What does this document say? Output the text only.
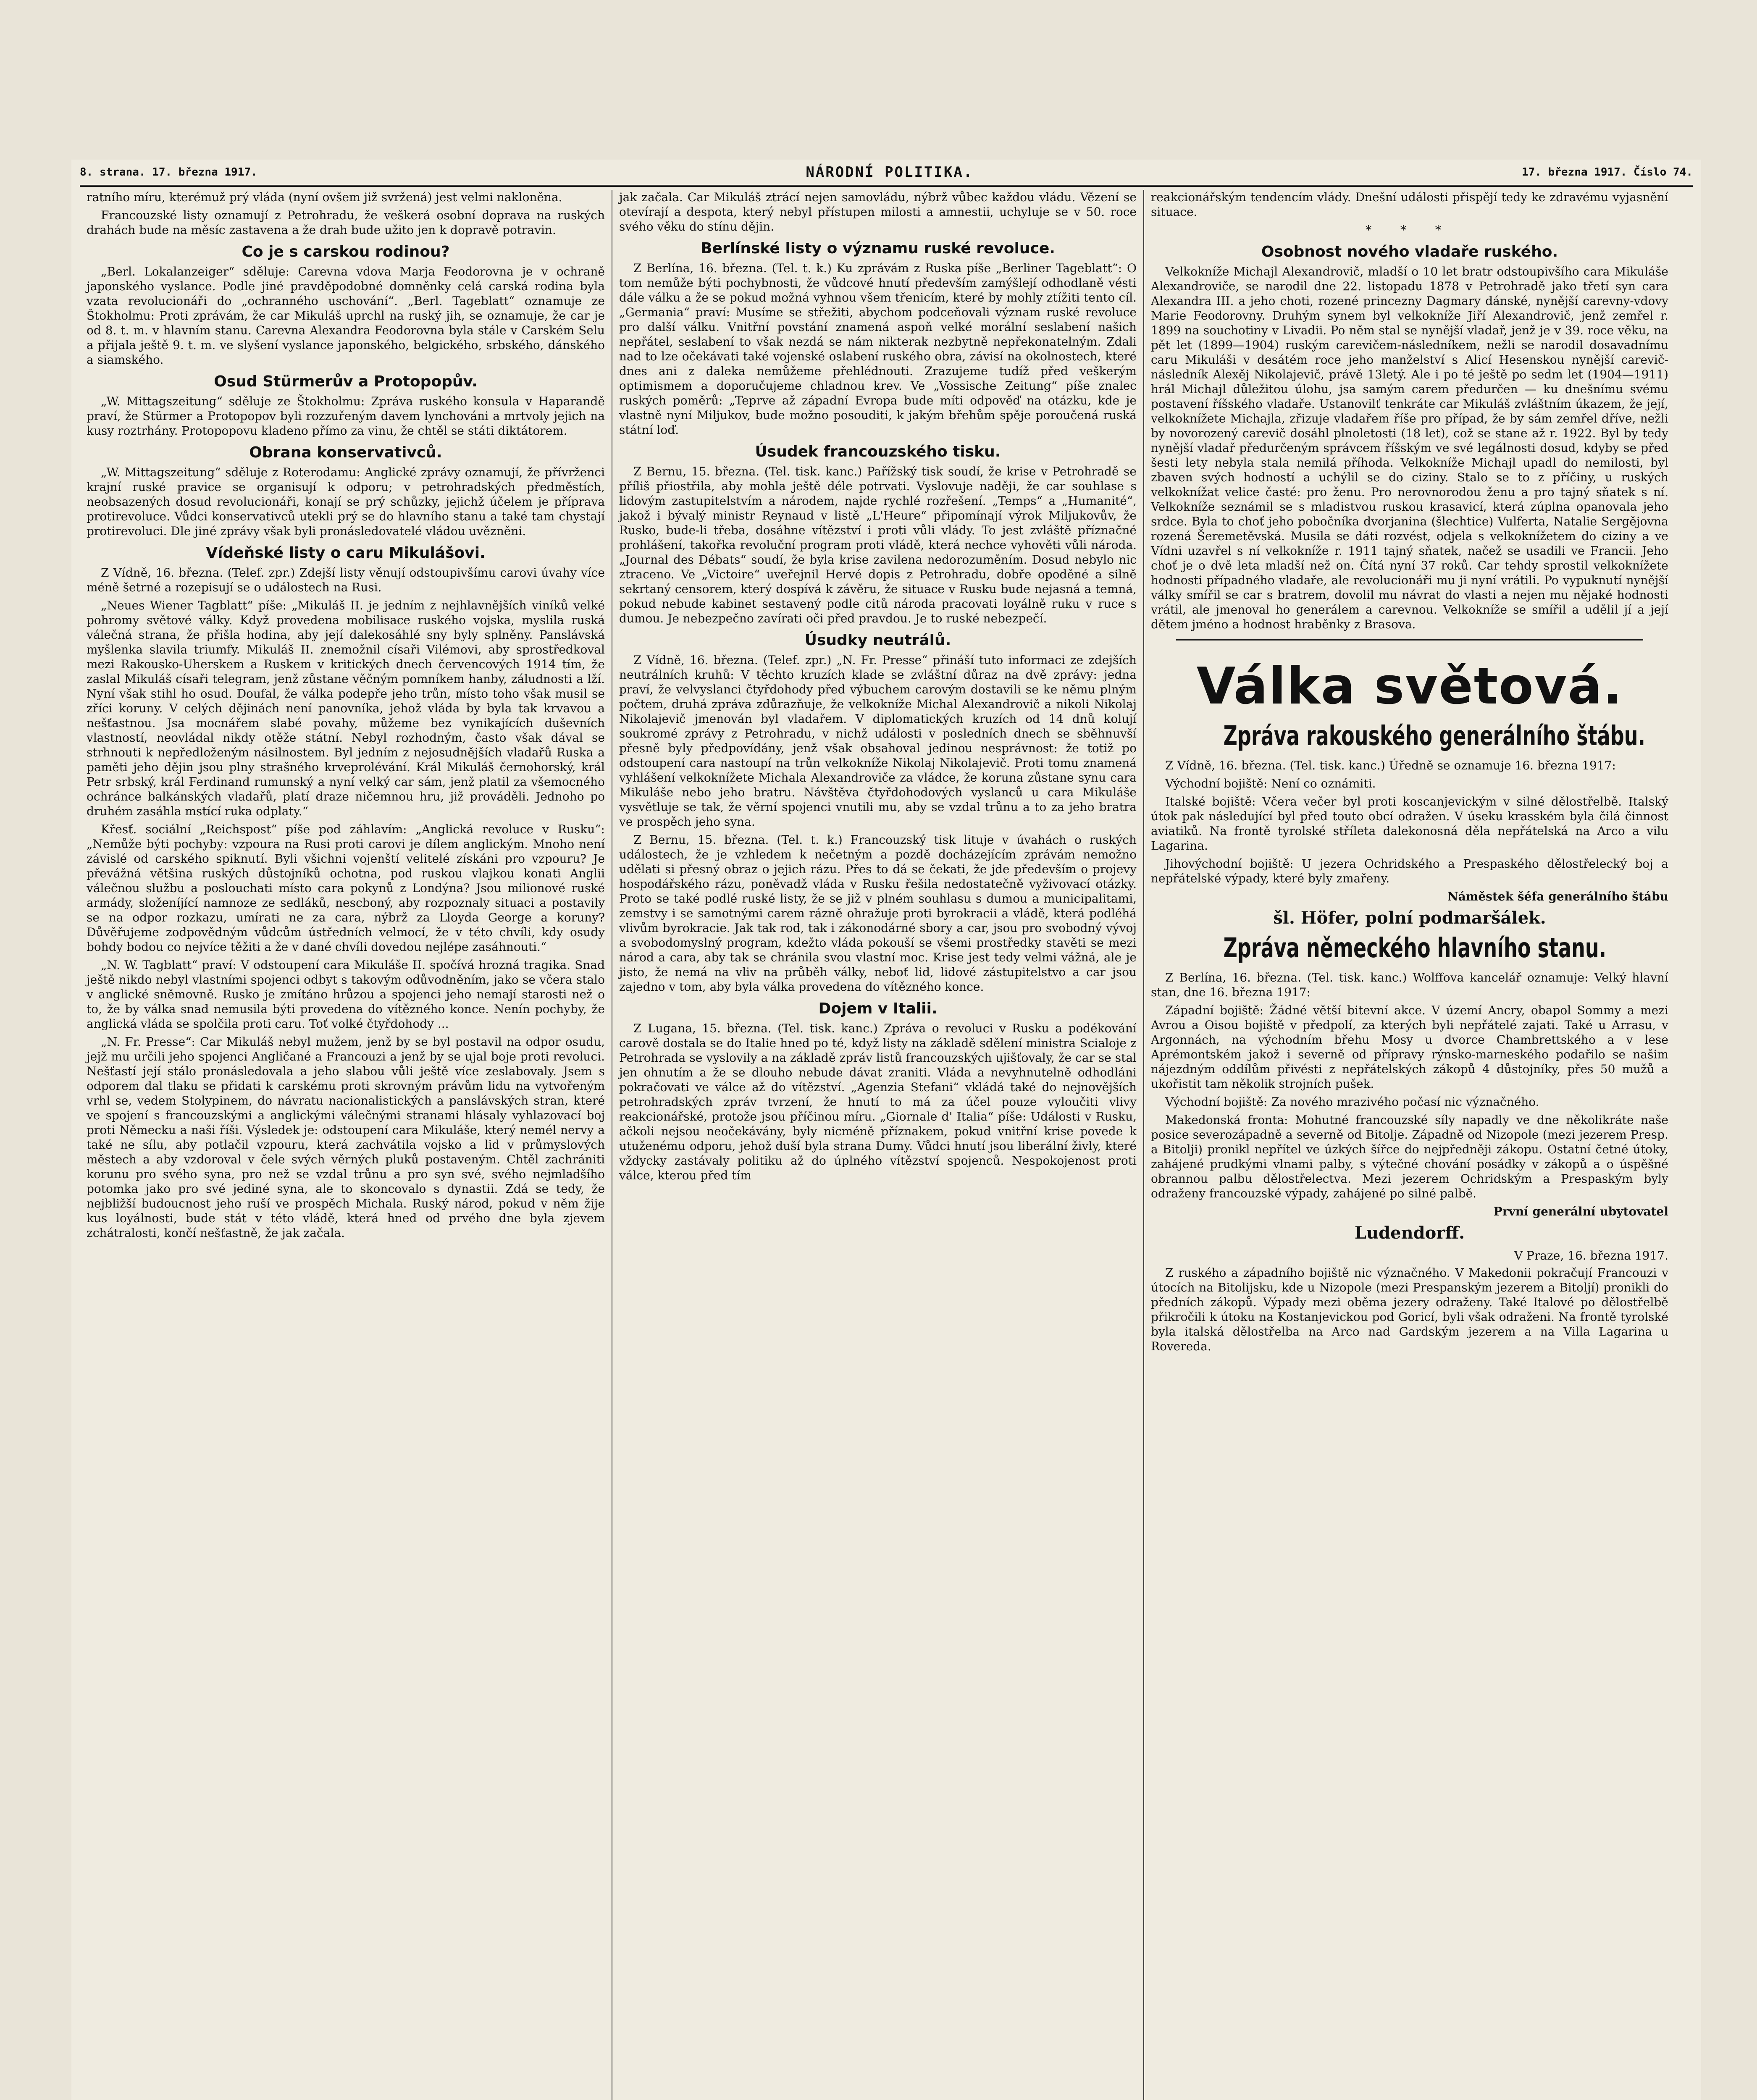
8. strana. 17. března 1917.	NÁRODNÍ POLITIKA.	17. března 1917. Číslo 74.

ratního míru, kterémuž prý vláda (nyní ovšem již svržená) jest velmi nakloněna.

Francouzské listy oznamují z Petrohradu, že veškerá osobní doprava na ruských drahách bude na měsíc zastavena a že drah bude užito jen k dopravě potravin.

Co je s carskou rodinou?

„Berl. Lokalanzeiger“ sděluje: Carevna vdova Marja Feodorovna je v ochraně japonského vyslance. Podle jiné pravděpodobné domněnky celá carská rodina byla vzata revolucionáři do „ochranného uschování“. „Berl. Tageblatt“ oznamuje ze Štokholmu: Proti zprávám, že car Mikuláš uprchl na ruský jih, se oznamuje, že car je od 8. t. m. v hlavním stanu. Carevna Alexandra Feodorovna byla stále v Carském Selu a přijala ještě 9. t. m. ve slyšení vyslance japonského, belgického, srbského, dánského a siamského.

Osud Stürmerův a Protopopův.

„W. Mittagszeitung“ sděluje ze Štokholmu: Zpráva ruského konsula v Haparandě praví, že Stürmer a Protopopov byli rozzuřeným davem lynchováni a mrtvoly jejich na kusy roztrhány. Protopopovu kladeno přímo za vinu, že chtěl se státi diktátorem.

Obrana konservativců.

„W. Mittagszeitung“ sděluje z Roterodamu: Anglické zprávy oznamují, že přívrženci krajní ruské pravice se organisují k odporu; v petrohradských předměstích, neobsazených dosud revolucionáři, konají se prý schůzky, jejichž účelem je příprava protirevoluce. Vůdci konservativců utekli prý se do hlavního stanu a také tam chystají protirevoluci. Dle jiné zprávy však byli pronásledovatelé vládou uvězněni.

Vídeňské listy o caru Mikulášovi.

Z Vídně, 16. března. (Telef. zpr.) Zdejší listy věnují odstoupivšímu carovi úvahy více méně šetrné a rozepisují se o událostech na Rusi.

„Neues Wiener Tagblatt“ píše: „Mikuláš II. je jedním z nejhlavnějších viníků velké pohromy světové války. Když provedena mobilisace ruského vojska, myslila ruská válečná strana, že přišla hodina, aby její dalekosáhlé sny byly splněny. Panslávská myšlenka slavila triumfy. Mikuláš II. znemožnil císaři Vilémovi, aby sprostředkoval mezi Rakousko-Uherskem a Ruskem v kritických dnech červencových 1914 tím, že zaslal Mikuláš císaři telegram, jenž zůstane věčným pomníkem hanby, záludnosti a lží. Nyní však stihl ho osud. Doufal, že válka podepře jeho trůn, místo toho však musil se zříci koruny. V celých dějinách není panovníka, jehož vláda by byla tak krvavou a nešťastnou. Jsa mocnářem slabé povahy, můžeme bez vynikajících duševních vlastností, neovládal nikdy otěže státní. Nebyl rozhodným, často však dával se strhnouti k nepředloženým násilnostem. Byl jedním z nejosudnějších vladařů Ruska a paměti jeho dějin jsou plny strašného krveprolévání. Král Mikuláš černohorský, král Petr srbský, král Ferdinand rumunský a nyní velký car sám, jenž platil za všemocného ochránce balkánských vladařů, platí draze ničemnou hru, již prováděli. Jednoho po druhém zasáhla mstící ruka odplaty.“

Křesť. sociální „Reichspost“ píše pod záhlavím: „Anglická revoluce v Rusku“: „Nemůže býti pochyby: vzpoura na Rusi proti carovi je dílem anglickým. Mnoho není závislé od carského spiknutí. Byli všichni vojenští velitelé získáni pro vzpouru? Je převážná většina ruských důstojníků ochotna, pod ruskou vlajkou konati Anglii válečnou službu a poslouchati místo cara pokynů z Londýna? Jsou milionové ruské armády, složeníjící namnoze ze sedláků, nescboný, aby rozpoznaly situaci a postavily se na odpor rozkazu, umírati ne za cara, nýbrž za Lloyda George a koruny? Důvěřujeme zodpovědným vůdcům ústředních velmocí, že v této chvíli, kdy osudy bohdy bodou co nejvíce těžiti a že v dané chvíli dovedou nejlépe zasáhnouti.“

„N. W. Tagblatt“ praví: V odstoupení cara Mikuláše II. spočívá hrozná tragika. Snad ještě nikdo nebyl vlastními spojenci odbyt s takovým odůvodněním, jako se včera stalo v anglické sněmovně. Rusko je zmítáno hrůzou a spojenci jeho nemají starosti než o to, že by válka snad nemusila býti provedena do vítězného konce. Nenín pochyby, že anglická vláda se spolčila proti caru. Toť volké čtyřdohody ...

„N. Fr. Presse“: Car Mikuláš nebyl mužem, jenž by se byl postavil na odpor osudu, jejž mu určili jeho spojenci Angličané a Francouzi a jenž by se ujal boje proti revoluci. Nešťastí její stálo pronásledovala a jeho slabou vůli ještě více zeslabovaly. Jsem s odporem dal tlaku se přidati k carskému proti skrovným právům lidu na vytvořeným vrhl se, vedem Stolypinem, do návratu nacionalistických a panslávských stran, které ve spojení s francouzskými a anglickými válečnými stranami hlásaly vyhlazovací boj proti Německu a naši říši. Výsledek je: odstoupení cara Mikuláše, který nemél nervy a také ne sílu, aby potlačil vzpouru, která zachvátila vojsko a lid v průmyslových městech a aby vzdoroval v čele svých věrných pluků postaveným. Chtěl zachrániti korunu pro svého syna, pro než se vzdal trůnu a pro syn své, svého nejmladšího potomka jako pro své jediné syna, ale to skoncovalo s dynastii. Zdá se tedy, že nejbližší budoucnost jeho ruší ve prospěch Michala. Ruský národ, pokud v něm žije kus loyálnosti, bude stát v této vládě, která hned od prvého dne byla zjevem zchátralosti, končí nešťastně, že jak začala.

jak začala. Car Mikuláš ztrácí nejen samovládu, nýbrž vůbec každou vládu. Vězení se otevírají a despota, který nebyl přístupen milosti a amnestii, uchyluje se v 50. roce svého věku do stínu dějin.

Berlínské listy o významu ruské revoluce.

Z Berlína, 16. března. (Tel. t. k.) Ku zprávám z Ruska píše „Berliner Tageblatt“: O tom nemůže býti pochybnosti, že vůdcové hnutí především zamýšlejí odhodlaně vésti dále válku a že se pokud možná vyhnou všem třenicím, které by mohly ztížiti tento cíl. „Germania“ praví: Musíme se střežiti, abychom podceňovali význam ruské revoluce pro další válku. Vnitřní povstání znamená aspoň velké morální seslabení našich nepřátel, seslabení to však nezdá se nám nikterak nezbytně nepřekonatelným. Zdali nad to lze očekávati také vojenské oslabení ruského obra, závisí na okolnostech, které dnes ani z daleka nemůžeme přehlédnouti. Zrazujeme tudíž před veškerým optimismem a doporučujeme chladnou krev. Ve „Vossische Zeitung“ píše znalec ruských poměrů: „Teprve až západní Evropa bude míti odpověď na otázku, kde je vlastně nyní Miljukov, bude možno posouditi, k jakým břehům spěje poroučená ruská státní loď.

Úsudek francouzského tisku.

Z Bernu, 15. března. (Tel. tisk. kanc.) Pařížský tisk soudí, že krise v Petrohradě se příliš přiostřila, aby mohla ještě déle potrvati. Vyslovuje naději, že car souhlase s lidovým zastupitelstvím a národem, najde rychlé rozřešení. „Temps“ a „Humanité“, jakož i bývalý ministr Reynaud v listě „L'Heure“ připomínají výrok Miljukovův, že Rusko, bude-li třeba, dosáhne vítězství i proti vůli vlády. To jest zvláště příznačné prohlášení, takořka revoluční program proti vládě, která nechce vyhověti vůli národa. „Journal des Débats“ soudí, že byla krise zavilena nedorozuměním. Dosud nebylo nic ztraceno. Ve „Victoire“ uveřejnil Hervé dopis z Petrohradu, dobře opoděné a silně sekrtaný censorem, který dospívá k závěru, že situace v Rusku bude nejasná a temná, pokud nebude kabinet sestavený podle citů národa pracovati loyálně ruku v ruce s dumou. Je nebezpečno zavírati oči před pravdou. Je to ruské nebezpečí.

Úsudky neutrálů.

Z Vídně, 16. března. (Telef. zpr.) „N. Fr. Presse“ přináší tuto informaci ze zdejších neutrálních kruhů: V těchto kruzích klade se zvláštní důraz na dvě zprávy: jedna praví, že velvyslanci čtyřdohody před výbuchem carovým dostavili se ke němu plným počtem, druhá zpráva zdůrazňuje, že velkokníže Michal Alexandrovič a nikoli Nikolaj Nikolajevič jmenován byl vladařem. V diplomatických kruzích od 14 dnů kolují soukromé zprávy z Petrohradu, v nichž události v posledních dnech se sběhnuvší přesně byly předpovídány, jenž však obsahoval jedinou nesprávnost: že totiž po odstoupení cara nastoupí na trůn velkokníže Nikolaj Nikolajevič. Proti tomu znamená vyhlášení velkoknížete Michala Alexandroviče za vládce, že koruna zůstane synu cara Mikuláše nebo jeho bratru. Návštěva čtyřdohodových vyslanců u cara Mikuláše vysvětluje se tak, že věrní spojenci vnutili mu, aby se vzdal trůnu a to za jeho bratra ve prospěch jeho syna.

Z Bernu, 15. března. (Tel. t. k.) Francouzský tisk lituje v úvahách o ruských událostech, že je vzhledem k nečetným a pozdě docházejícím zprávám nemožno udělati si přesný obraz o jejich rázu. Přes to dá se čekati, že jde především o projevy hospodářského rázu, poněvadž vláda v Rusku řešila nedostatečně vyživovací otázky. Proto se také podlé ruské listy, že se již v plném souhlasu s dumou a municipalitami, zemstvy i se samotnými carem rázně ohražuje proti byrokracii a vládě, která podléhá vlivům byrokracie. Jak tak rod, tak i zákonodárné sbory a car, jsou pro svobodný vývoj a svobodomyslný program, kdežto vláda pokouší se všemi prostředky stavěti se mezi národ a cara, aby tak se chránila svou vlastní moc. Krise jest tedy velmi vážná, ale je jisto, že nemá na vliv na průběh války, neboť lid, lidové zástupitelstvo a car jsou zajedno v tom, aby byla válka provedena do vítězného konce.

Dojem v Italii.

Z Lugana, 15. března. (Tel. tisk. kanc.) Zpráva o revoluci v Rusku a podékování carově dostala se do Italie hned po té, když listy na základě sdělení ministra Scialoje z Petrohrada se vyslovily a na základě zpráv listů francouzských ujišťovaly, že car se stal jen ohnutím a že se dlouho nebude dávat zraniti. Vláda a nevyhnutelně odhodláni pokračovati ve válce až do vítězství. „Agenzia Stefani“ vkládá také do nejnovějších petrohradských zpráv tvrzení, že hnutí to má za účel pouze vyloučiti vlivy reakcionářské, protože jsou příčinou míru. „Giornale d' Italia“ píše: Události v Rusku, ačkoli nejsou neočekávány, byly nicméně příznakem, pokud vnitřní krise povede k utuženému odporu, jehož duší byla strana Dumy. Vůdci hnutí jsou liberální živly, které vždycky zastávaly politiku až do úplného vítězství spojenců. Nespokojenost proti válce, kterou před tím

reakcionářským tendencím vlády. Dnešní události přispějí tedy ke zdravému vyjasnění situace.

* * *
Osobnost nového vladaře ruského.

Velkokníže Michajl Alexandrovič, mladší o 10 let bratr odstoupivšího cara Mikuláše Alexandroviče, se narodil dne 22. listopadu 1878 v Petrohradě jako třetí syn cara Alexandra III. a jeho choti, rozené princezny Dagmary dánské, nynější carevny-vdovy Marie Feodorovny. Druhým synem byl velkokníže Jiří Alexandrovič, jenž zemřel r. 1899 na souchotiny v Livadii. Po něm stal se nynější vladař, jenž je v 39. roce věku, na pět let (1899—1904) ruským carevičem-následníkem, nežli se narodil dosavadnímu caru Mikuláši v desátém roce jeho manželství s Alicí Hesenskou nynější carevič-následník Alexěj Nikolajevič, právě 13letý. Ale i po té ještě po sedm let (1904—1911) hrál Michajl důležitou úlohu, jsa samým carem předurčen — ku dnešnímu svému postavení říšského vladaře. Ustanovilť tenkráte car Mikuláš zvláštním úkazem, že její, velkoknížete Michajla, zřizuje vladařem říše pro případ, že by sám zemřel dříve, nežli by novorozený carevič dosáhl plnoletosti (18 let), což se stane až r. 1922. Byl by tedy nynější vladař předurčeným správcem říšským ve své legálnosti dosud, kdyby se před šesti lety nebyla stala nemilá příhoda. Velkokníže Michajl upadl do nemilosti, byl zbaven svých hodností a uchýlil se do ciziny. Stalo se to z příčiny, u ruských velkoknížat velice časté: pro ženu. Pro nerovnorodou ženu a pro tajný sňatek s ní. Velkokníže seznámil se s mladistvou ruskou krasavicí, která zúplna opanovala jeho srdce. Byla to choť jeho pobočníka dvorjanina (šlechtice) Vulferta, Natalie Sergějovna rozená Šeremetěvská. Musila se dáti rozvést, odjela s velkoknížetem do ciziny a ve Vídni uzavřel s ní velkokníže r. 1911 tajný sňatek, načež se usadili ve Francii. Jeho choť je o dvě leta mladší než on. Čítá nyní 37 roků. Car tehdy sprostil velkoknížete hodnosti případného vladaře, ale revolucionáři mu ji nyní vrátili. Po vypuknutí nynější války smířil se car s bratrem, dovolil mu návrat do vlasti a nejen mu nějaké hodnosti vrátil, ale jmenoval ho generálem a carevnou. Velkokníže se smířil a udělil jí a její dětem jméno a hodnost hraběnky z Brasova.

Válka světová.
Zpráva rakouského generálního štábu.

Z Vídně, 16. března. (Tel. tisk. kanc.) Úředně se oznamuje 16. března 1917:

Východní bojiště: Není co oznámiti.

Italské bojiště: Včera večer byl proti koscanjevickým v silné dělostřelbě. Italský útok pak následující byl před touto obcí odražen. V úseku krasském byla čilá činnost aviatiků. Na frontě tyrolské stříleta dalekonosná děla nepřátelská na Arco a vilu Lagarina.

Jihovýchodní bojiště: U jezera Ochridského a Prespaského dělostřelecký boj a nepřátelské výpady, které byly zmařeny.

Náměstek šéfa generálního štábu
šl. Höfer, polní podmaršálek.
Zpráva německého hlavního stanu.

Z Berlína, 16. března. (Tel. tisk. kanc.) Wolffova kancelář oznamuje: Velký hlavní stan, dne 16. března 1917:

Západní bojiště: Žádné větší bitevní akce. V území Ancry, obapol Sommy a mezi Avrou a Oisou bojiště v předpolí, za kterých byli nepřátelé zajati. Také u Arrasu, v Argonnách, na východním břehu Mosy u dvorce Chambrettského a v lese Aprémontském jakož i severně od přípravy rýnsko-marneského podařilo se našim nájezdným oddílům přivésti z nepřátelských zákopů 4 důstojníky, přes 50 mužů a ukořistit tam několik strojních pušek.

Východní bojiště: Za nového mrazivého počasí nic význačného.

Makedonská fronta: Mohutné francouzské síly napadly ve dne několikráte naše posice severozápadně a severně od Bitolje. Západně od Nizopole (mezi jezerem Presp. a Bitolji) pronikl nepřítel ve úzkých šířce do nejpředněji zákopu. Ostatní četné útoky, zahájené prudkými vlnami palby, s výtečné chování posádky v zákopů a o úspěšné obrannou palbu dělostřelectva. Mezi jezerem Ochridským a Prespaským byly odraženy francouzské výpady, zahájené po silné palbě.

První generální ubytovatel
Ludendorff.
V Praze, 16. března 1917.

Z ruského a západního bojiště nic význačného. V Makedonii pokračují Francouzi v útocích na Bitolijsku, kde u Nizopole (mezi Prespanským jezerem a Bitoljí) pronikli do předních zákopů. Výpady mezi oběma jezery odraženy. Také Italové po dělostřelbě přikročili k útoku na Kostanjevickou pod Goricí, byli však odraženi. Na frontě tyrolské byla italská dělostřelba na Arco nad Gardským jezerem a na Villa Lagarina u Rovereda.
